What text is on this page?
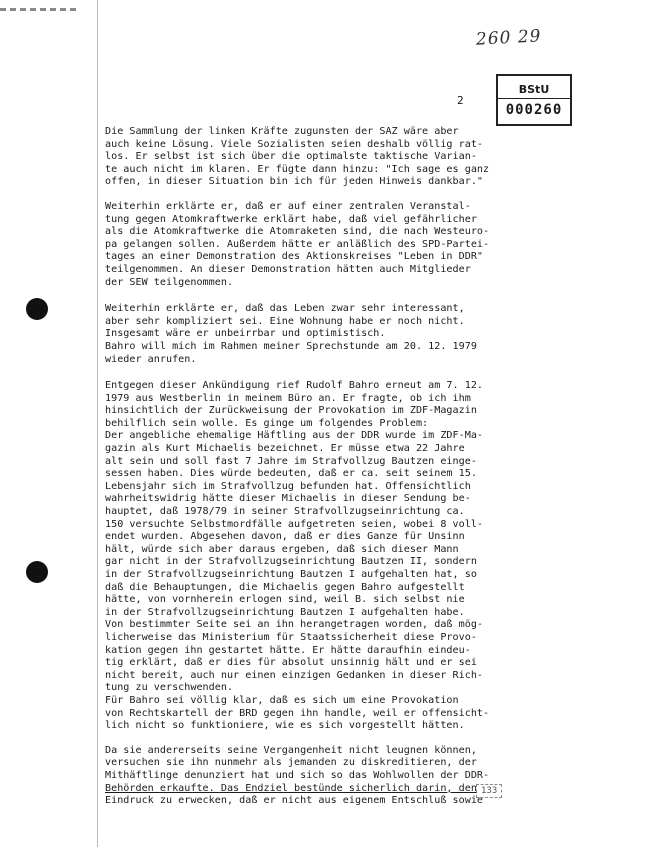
260 29
BStU
000260
2

Die Sammlung der linken Kräfte zugunsten der SAZ wäre aber
auch keine Lösung. Viele Sozialisten seien deshalb völlig rat-
los. Er selbst ist sich über die optimalste taktische Varian-
te auch nicht im klaren. Er fügte dann hinzu: "Ich sage es ganz
offen, in dieser Situation bin ich für jeden Hinweis dankbar."

Weiterhin erklärte er, daß er auf einer zentralen Veranstal-
tung gegen Atomkraftwerke erklärt habe, daß viel gefährlicher
als die Atomkraftwerke die Atomraketen sind, die nach Westeuro-
pa gelangen sollen. Außerdem hätte er anläßlich des SPD-Partei-
tages an einer Demonstration des Aktionskreises "Leben in DDR"
teilgenommen. An dieser Demonstration hätten auch Mitglieder
der SEW teilgenommen.

Weiterhin erklärte er, daß das Leben zwar sehr interessant,
aber sehr kompliziert sei. Eine Wohnung habe er noch nicht.
Insgesamt wäre er unbeirrbar und optimistisch.
Bahro will mich im Rahmen meiner Sprechstunde am 20. 12. 1979
wieder anrufen.

Entgegen dieser Ankündigung rief Rudolf Bahro erneut am 7. 12.
1979 aus Westberlin in meinem Büro an. Er fragte, ob ich ihm
hinsichtlich der Zurückweisung der Provokation im ZDF-Magazin
behilflich sein wolle. Es ginge um folgendes Problem:
Der angebliche ehemalige Häftling aus der DDR wurde im ZDF-Ma-
gazin als Kurt Michaelis bezeichnet. Er müsse etwa 22 Jahre
alt sein und soll fast 7 Jahre im Strafvollzug Bautzen einge-
sessen haben. Dies würde bedeuten, daß er ca. seit seinem 15.
Lebensjahr sich im Strafvollzug befunden hat. Offensichtlich
wahrheitswidrig hätte dieser Michaelis in dieser Sendung be-
hauptet, daß 1978/79 in seiner Strafvollzugseinrichtung ca.
150 versuchte Selbstmordfälle aufgetreten seien, wobei 8 voll-
endet wurden. Abgesehen davon, daß er dies Ganze für Unsinn
hält, würde sich aber daraus ergeben, daß sich dieser Mann
gar nicht in der Strafvollzugseinrichtung Bautzen II, sondern
in der Strafvollzugseinrichtung Bautzen I aufgehalten hat, so
daß die Behauptungen, die Michaelis gegen Bahro aufgestellt
hätte, von vornherein erlogen sind, weil B. sich selbst nie
in der Strafvollzugseinrichtung Bautzen I aufgehalten habe.
Von bestimmter Seite sei an ihn herangetragen worden, daß mög-
licherweise das Ministerium für Staatssicherheit diese Provo-
kation gegen ihn gestartet hätte. Er hätte daraufhin eindeu-
tig erklärt, daß er dies für absolut unsinnig hält und er sei
nicht bereit, auch nur einen einzigen Gedanken in dieser Rich-
tung zu verschwenden.
Für Bahro sei völlig klar, daß es sich um eine Provokation
von Rechtskartell der BRD gegen ihn handle, weil er offensicht-
lich nicht so funktioniere, wie es sich vorgestellt hätten.

Da sie andererseits seine Vergangenheit nicht leugnen können,
versuchen sie ihn nunmehr als jemanden zu diskreditieren, der
Mithäftlinge denunziert hat und sich so das Wohlwollen der DDR-
Behörden erkaufte. Das Endziel bestünde sicherlich darin, den
Eindruck zu erwecken, daß er nicht aus eigenem Entschluß sowie

133
